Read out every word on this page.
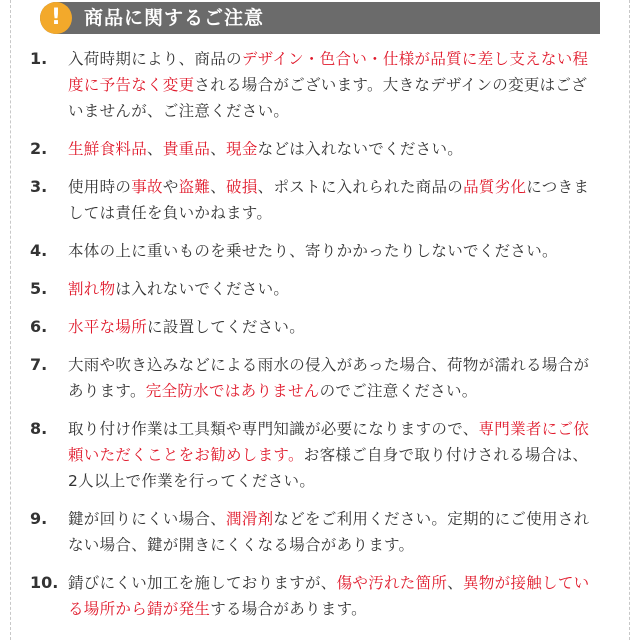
! 商品に関するご注意
1.	入荷時期により、商品のデザイン・色合い・仕様が品質に差し支えない程度に予告なく変更される場合がございます。大きなデザインの変更はございませんが、ご注意ください。
2.	生鮮食料品、貴重品、現金などは入れないでください。
3.	使用時の事故や盗難、破損、ポストに入れられた商品の品質劣化につきましては責任を負いかねます。
4.	本体の上に重いものを乗せたり、寄りかかったりしないでください。
5.	割れ物は入れないでください。
6.	水平な場所に設置してください。
7.	大雨や吹き込みなどによる雨水の侵入があった場合、荷物が濡れる場合があります。完全防水ではありませんのでご注意ください。
8.	取り付け作業は工具類や専門知識が必要になりますので、専門業者にご依頼いただくことをお勧めします。お客様ご自身で取り付けされる場合は、2人以上で作業を行ってください。
9.	鍵が回りにくい場合、潤滑剤などをご利用ください。定期的にご使用されない場合、鍵が開きにくくなる場合があります。
10. 錆びにくい加工を施しておりますが、傷や汚れた箇所、異物が接触している場所から錆が発生する場合があります。
